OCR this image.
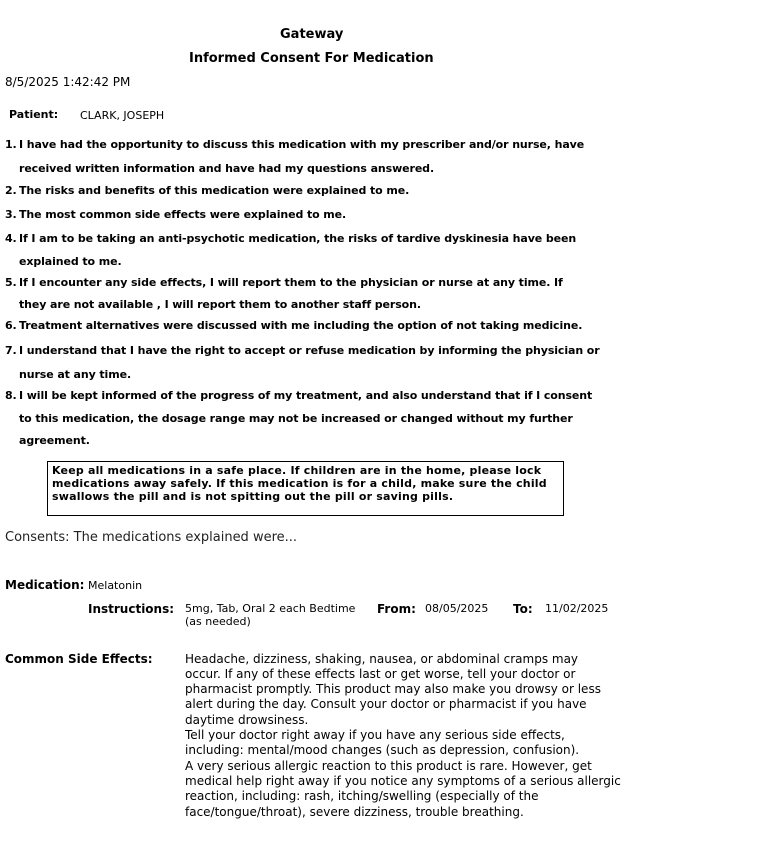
Gateway
Informed Consent For Medication
8/5/2025 1:42:42 PM
Patient: CLARK, JOSEPH
1. I have had the opportunity to discuss this medication with my prescriber and/or nurse, have
received written information and have had my questions answered.
2. The risks and benefits of this medication were explained to me.
3. The most common side effects were explained to me.
4. If I am to be taking an anti-psychotic medication, the risks of tardive dyskinesia have been
explained to me.
5. If I encounter any side effects, I will report them to the physician or nurse at any time. If
they are not available , I will report them to another staff person.
6. Treatment alternatives were discussed with me including the option of not taking medicine.
7. I understand that I have the right to accept or refuse medication by informing the physician or
nurse at any time.
8. I will be kept informed of the progress of my treatment, and also understand that if I consent
to this medication, the dosage range may not be increased or changed without my further
agreement.
Keep all medications in a safe place. If children are in the home, please lock
medications away safely. If this medication is for a child, make sure the child
swallows the pill and is not spitting out the pill or saving pills.
Consents: The medications explained were...
Medication: Melatonin
Instructions: 5mg, Tab, Oral 2 each Bedtime
(as needed)
From: 08/05/2025 To: 11/02/2025
Common Side Effects:	Headache, dizziness, shaking, nausea, or abdominal cramps may
occur. If any of these effects last or get worse, tell your doctor or
pharmacist promptly. This product may also make you drowsy or less
alert during the day. Consult your doctor or pharmacist if you have
daytime drowsiness.
Tell your doctor right away if you have any serious side effects,
including: mental/mood changes (such as depression, confusion).
A very serious allergic reaction to this product is rare. However, get
medical help right away if you notice any symptoms of a serious allergic
reaction, including: rash, itching/swelling (especially of the
face/tongue/throat), severe dizziness, trouble breathing.
